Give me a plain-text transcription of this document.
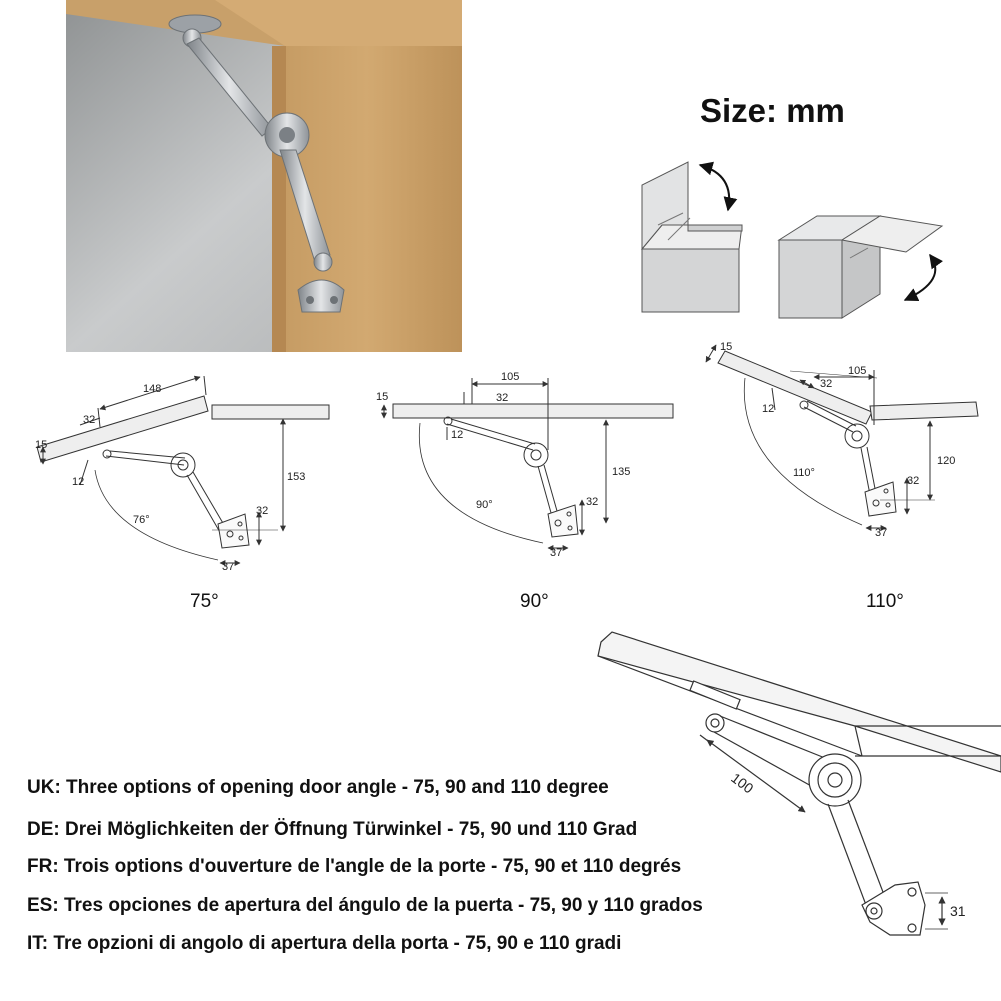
148
32
15
12	153
32
37
76°
105
32
15
12
135
32
37
90°
15
32
105
12
120
32
37
110°
100
31
Size: mm
75°	90°	110°
UK: Three options of opening door angle - 75, 90 and 110 degree
DE: Drei Möglichkeiten der Öffnung Türwinkel - 75, 90 und 110 Grad
FR: Trois options d'ouverture de l'angle de la porte - 75, 90 et 110 degrés
ES: Tres opciones de apertura del ángulo de la puerta - 75, 90 y 110 grados
IT: Tre opzioni di angolo di apertura della porta - 75, 90 e 110 gradi
